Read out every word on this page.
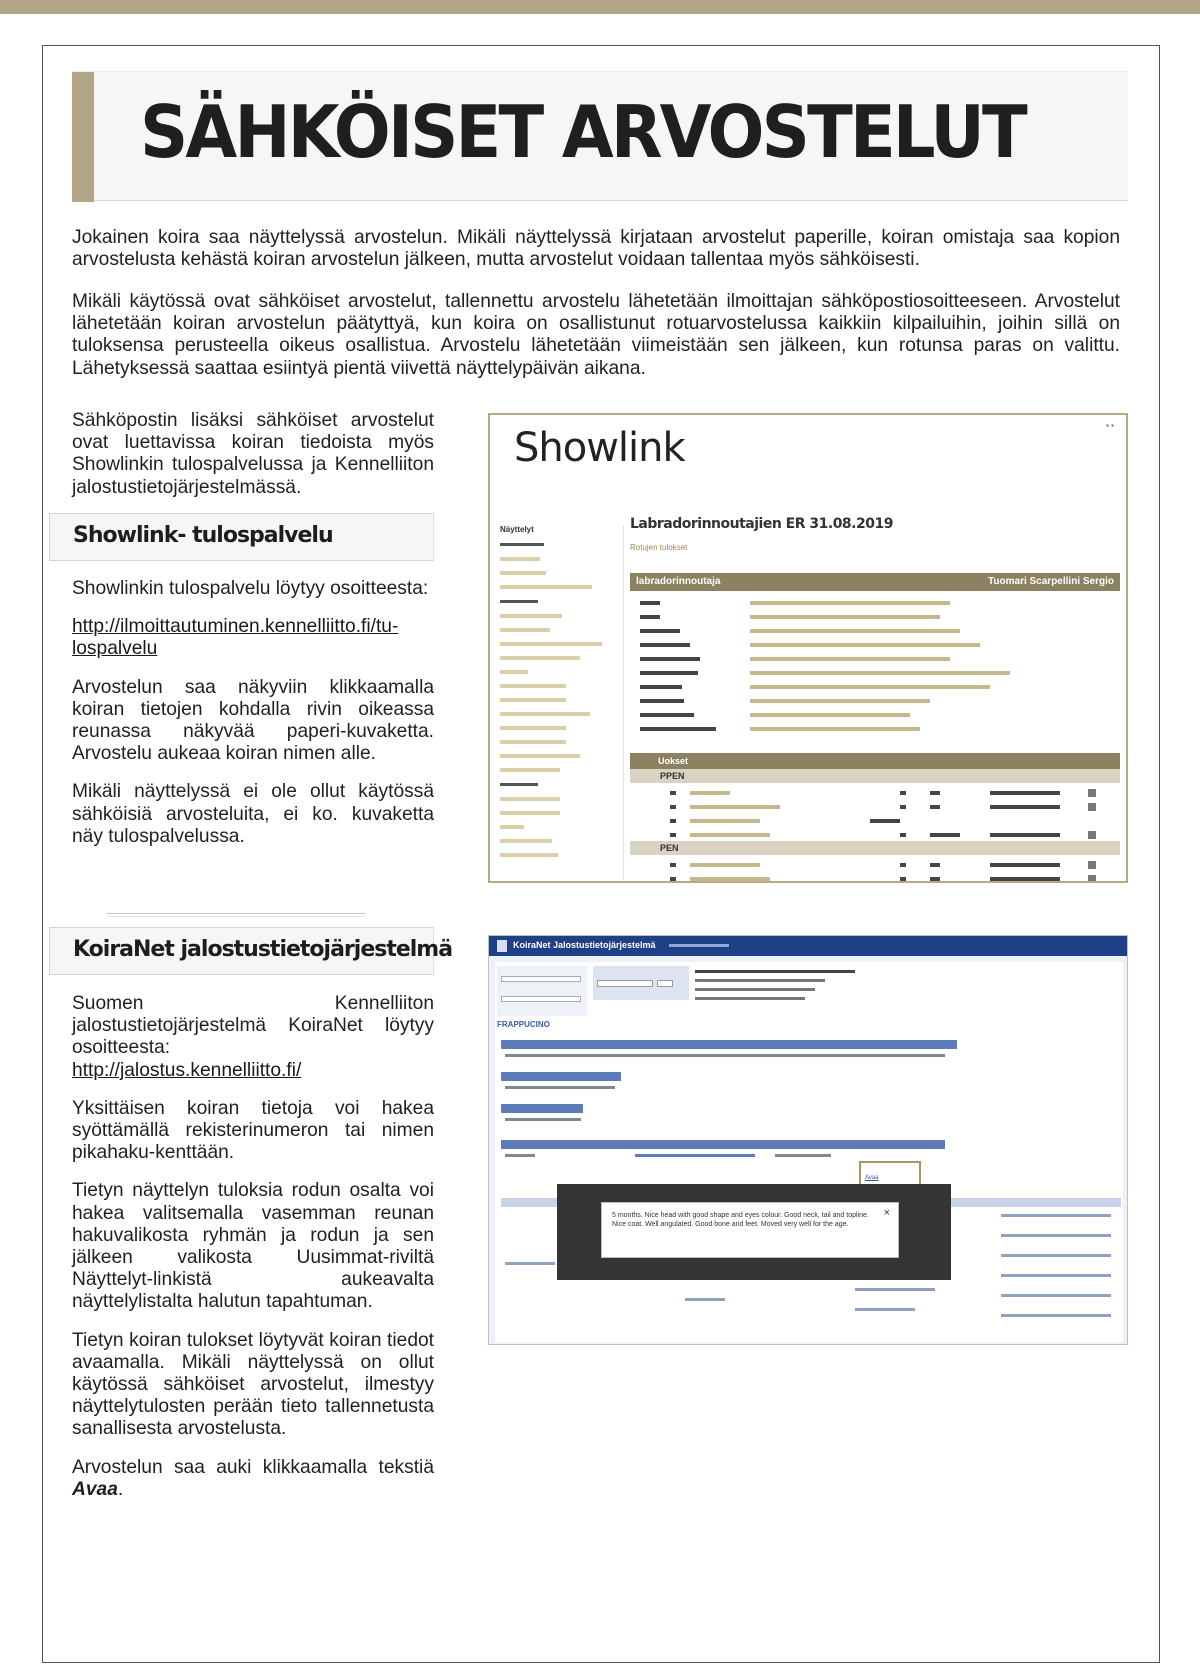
SÄHKÖISET ARVOSTELUT

Jokainen koira saa näyttelyssä arvostelun. Mikäli näyttelyssä kirjataan arvostelut paperille, koiran omistaja saa kopion arvostelusta kehästä koiran arvostelun jälkeen, mutta arvostelut voidaan tallentaa myös sähköisesti.

Mikäli käytössä ovat sähköiset arvostelut, tallennettu arvostelu lähetetään ilmoittajan sähköpostiosoitteeseen. Arvostelut lähetetään koiran arvostelun päätyttyä, kun koira on osallistunut rotuarvostelussa kaikkiin kilpailuihin, joihin sillä on tuloksensa perusteella oikeus osallistua. Arvostelu lähetetään viimeistään sen jälkeen, kun rotunsa paras on valittu. Lähetyksessä saattaa esiintyä pientä viivettä näyttelypäivän aikana.

Sähköpostin lisäksi sähköiset arvostelut ovat luettavissa koiran tiedoista myös Showlinkin tulospalvelussa ja Kennelliiton jalostustietojärjestelmässä.

Showlink- tulospalvelu

Showlinkin tulospalvelu löytyy osoitteesta:

http://ilmoittautuminen.kennelliitto.fi/tu-
lospalvelu

Arvostelun saa näkyviin klikkaamalla koiran tietojen kohdalla rivin oikeassa reunassa näkyvää paperi-kuvaketta. Arvostelu aukeaa koiran nimen alle.

Mikäli näyttelyssä ei ole ollut käytössä sähköisiä arvosteluita, ei ko. kuvaketta näy tulospalvelussa.

KoiraNet jalostustietojärjestelmä

Suomen Kennelliiton jalostustietojärjestelmä KoiraNet löytyy osoitteesta:
http://jalostus.kennelliitto.fi/

Yksittäisen koiran tietoja voi hakea syöttämällä rekisterinumeron tai nimen pikahaku-kenttään.

Tietyn näyttelyn tuloksia rodun osalta voi hakea valitsemalla vasemman reunan hakuvalikosta ryhmän ja rodun ja sen jälkeen valikosta Uusimmat-riviltä Näyttelyt-linkistä aukeavalta näyttelylistalta halutun tapahtuman.

Tietyn koiran tulokset löytyvät koiran tiedot avaamalla. Mikäli näyttelyssä on ollut käytössä sähköiset arvostelut, ilmestyy näyttelytulosten perään tieto tallennetusta sanallisesta arvostelusta.

Arvostelun saa auki klikkaamalla tekstiä Avaa.

Showlink	▪ ▪
Näyttelyt	Labradorinnoutajien ER 31.08.2019
Rotujen tulokset
labradorinnoutaja	Tuomari Scarpellini Sergio
Uokset
PPEN
PEN
KoiraNet Jalostustietojärjestelmä
FRAPPUCINO
Avaa
5 months. Nice head with good shape and eyes colour. Good neck, tail and topline. Nice coat. Well angulated. Good bone and feet. Moved very well for the age.
×
